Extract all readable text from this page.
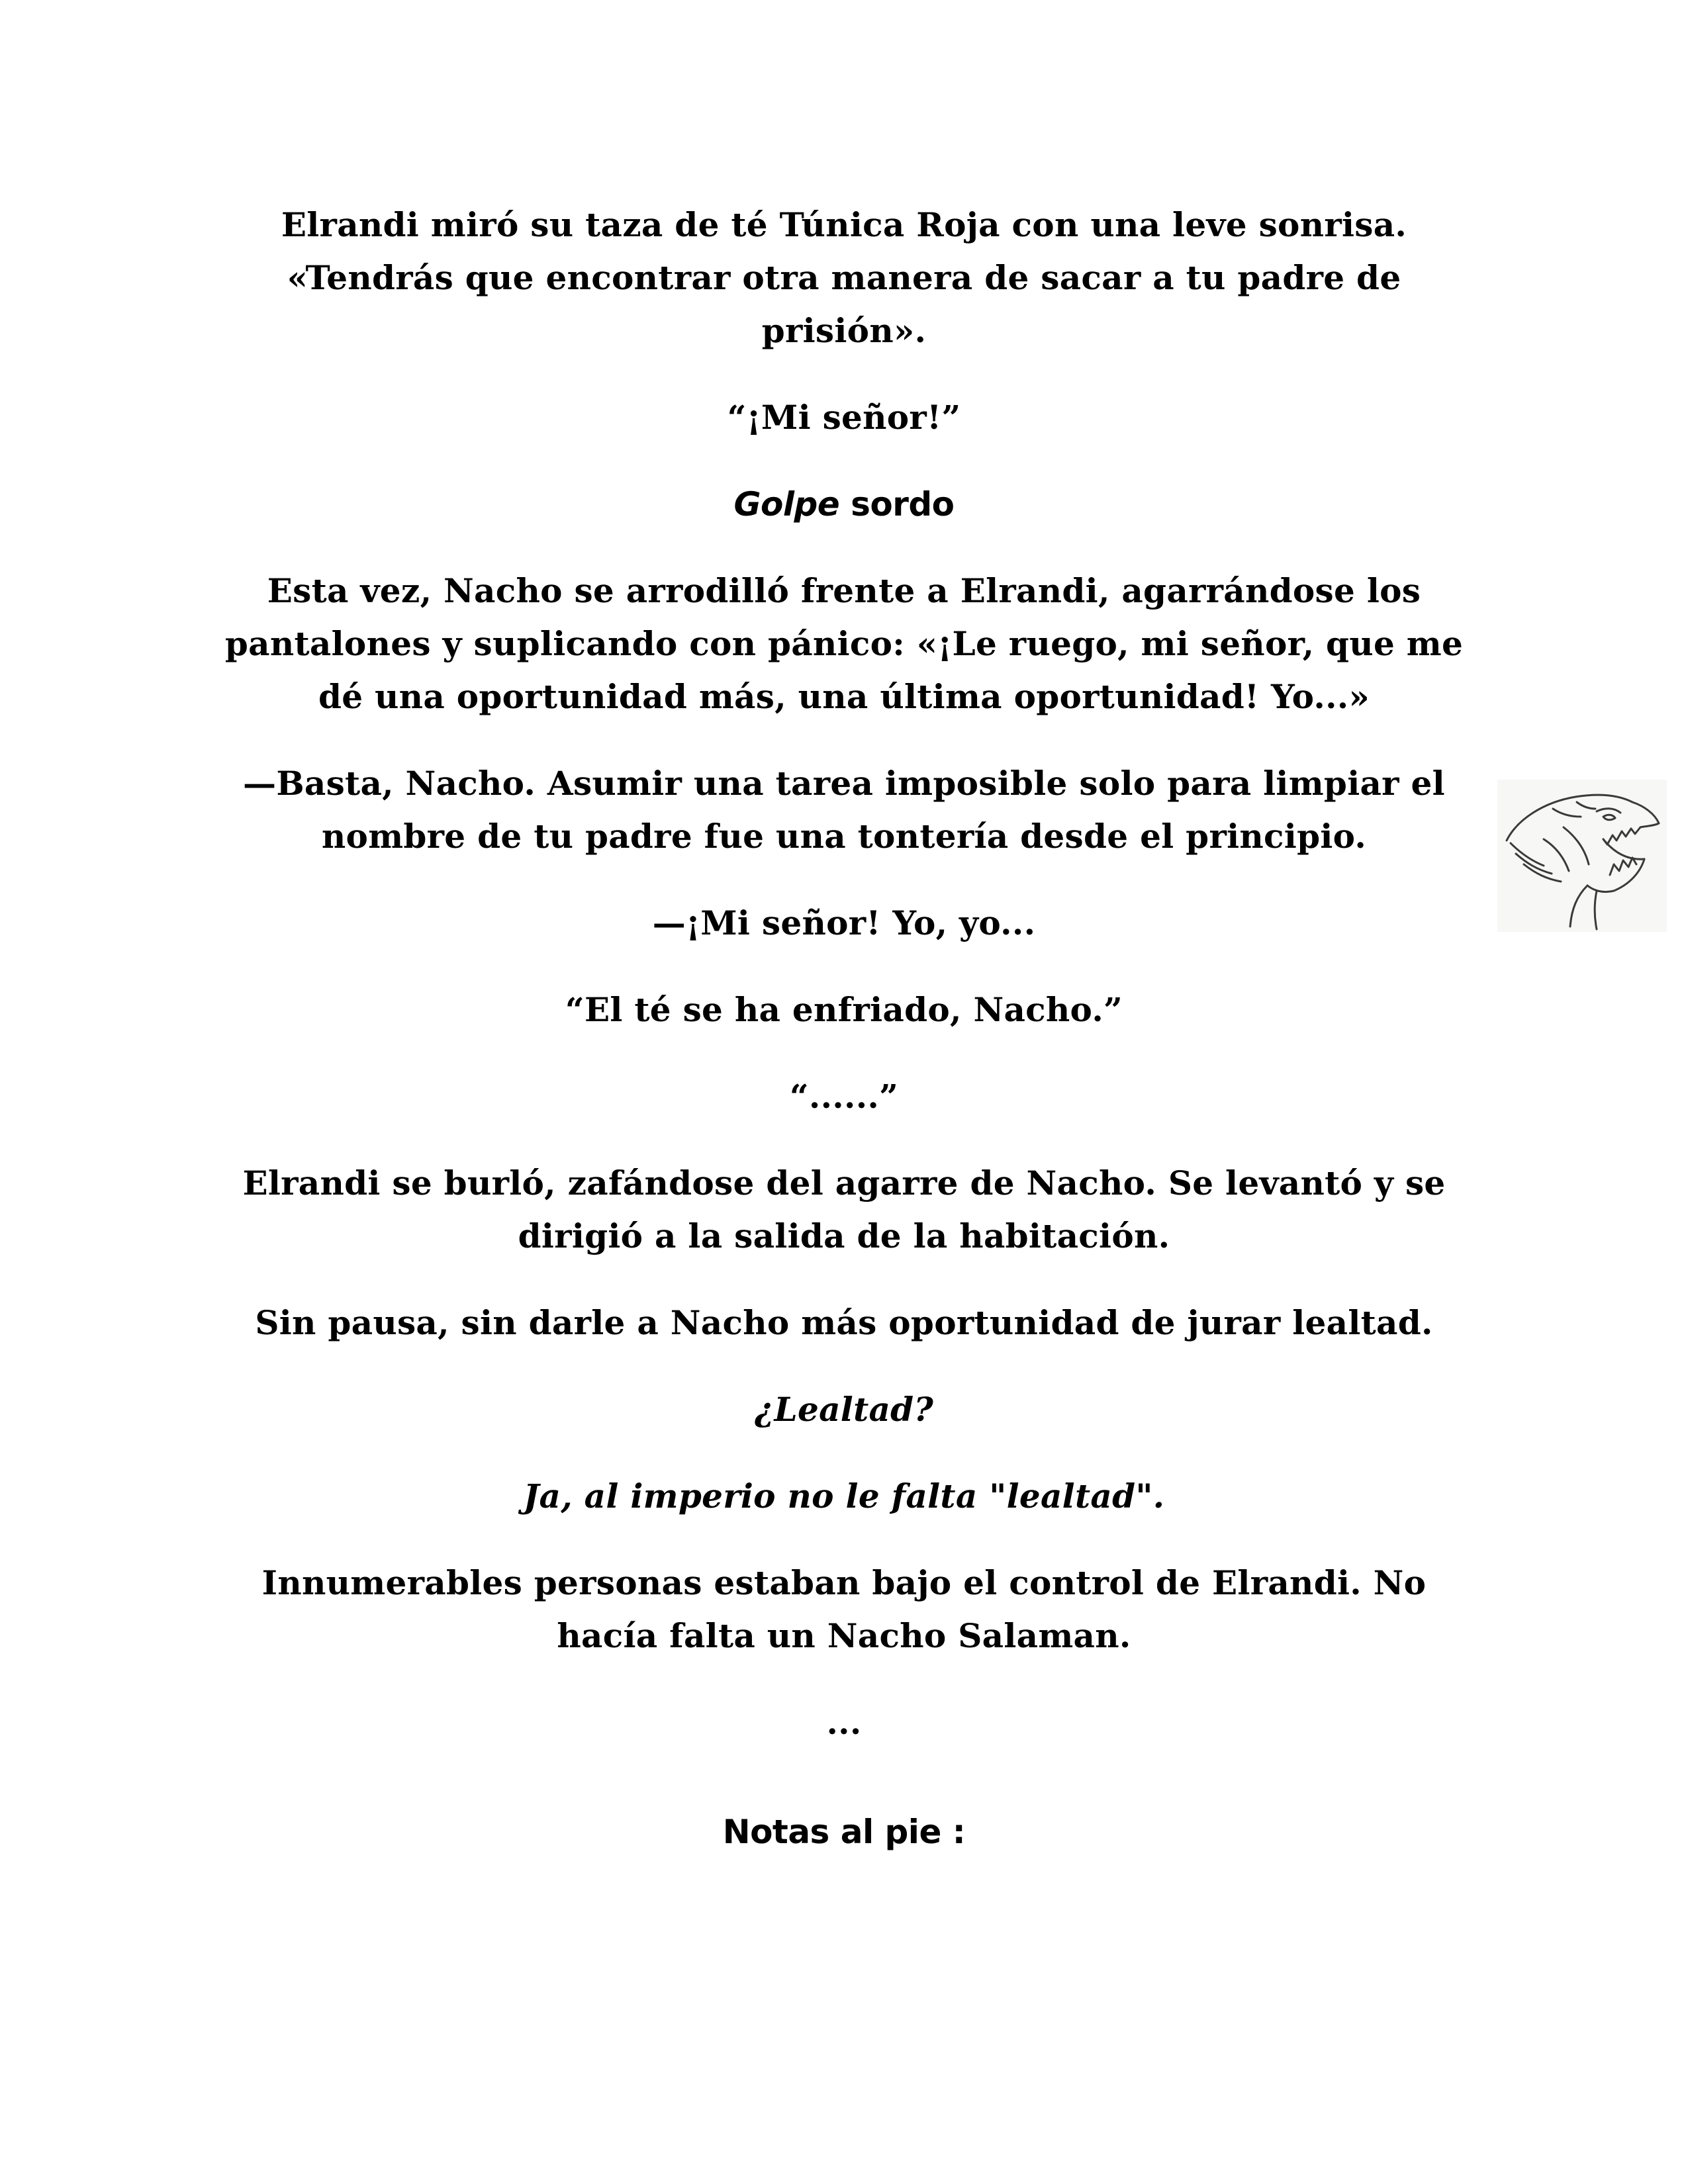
Elrandi miró su taza de té Túnica Roja con una leve sonrisa. «Tendrás que encontrar otra manera de sacar a tu padre de prisión».

“¡Mi señor!”

Golpe sordo

Esta vez, Nacho se arrodilló frente a Elrandi, agarrándose los pantalones y suplicando con pánico: «¡Le ruego, mi señor, que me dé una oportunidad más, una última oportunidad! Yo...»

—Basta, Nacho. Asumir una tarea imposible solo para limpiar el nombre de tu padre fue una tontería desde el principio.

—¡Mi señor! Yo, yo...

“El té se ha enfriado, Nacho.”

“......”

Elrandi se burló, zafándose del agarre de Nacho. Se levantó y se dirigió a la salida de la habitación.

Sin pausa, sin darle a Nacho más oportunidad de jurar lealtad.

¿Lealtad?

Ja, al imperio no le falta "lealtad".

Innumerables personas estaban bajo el control de Elrandi. No hacía falta un Nacho Salaman.

...

Notas al pie :
